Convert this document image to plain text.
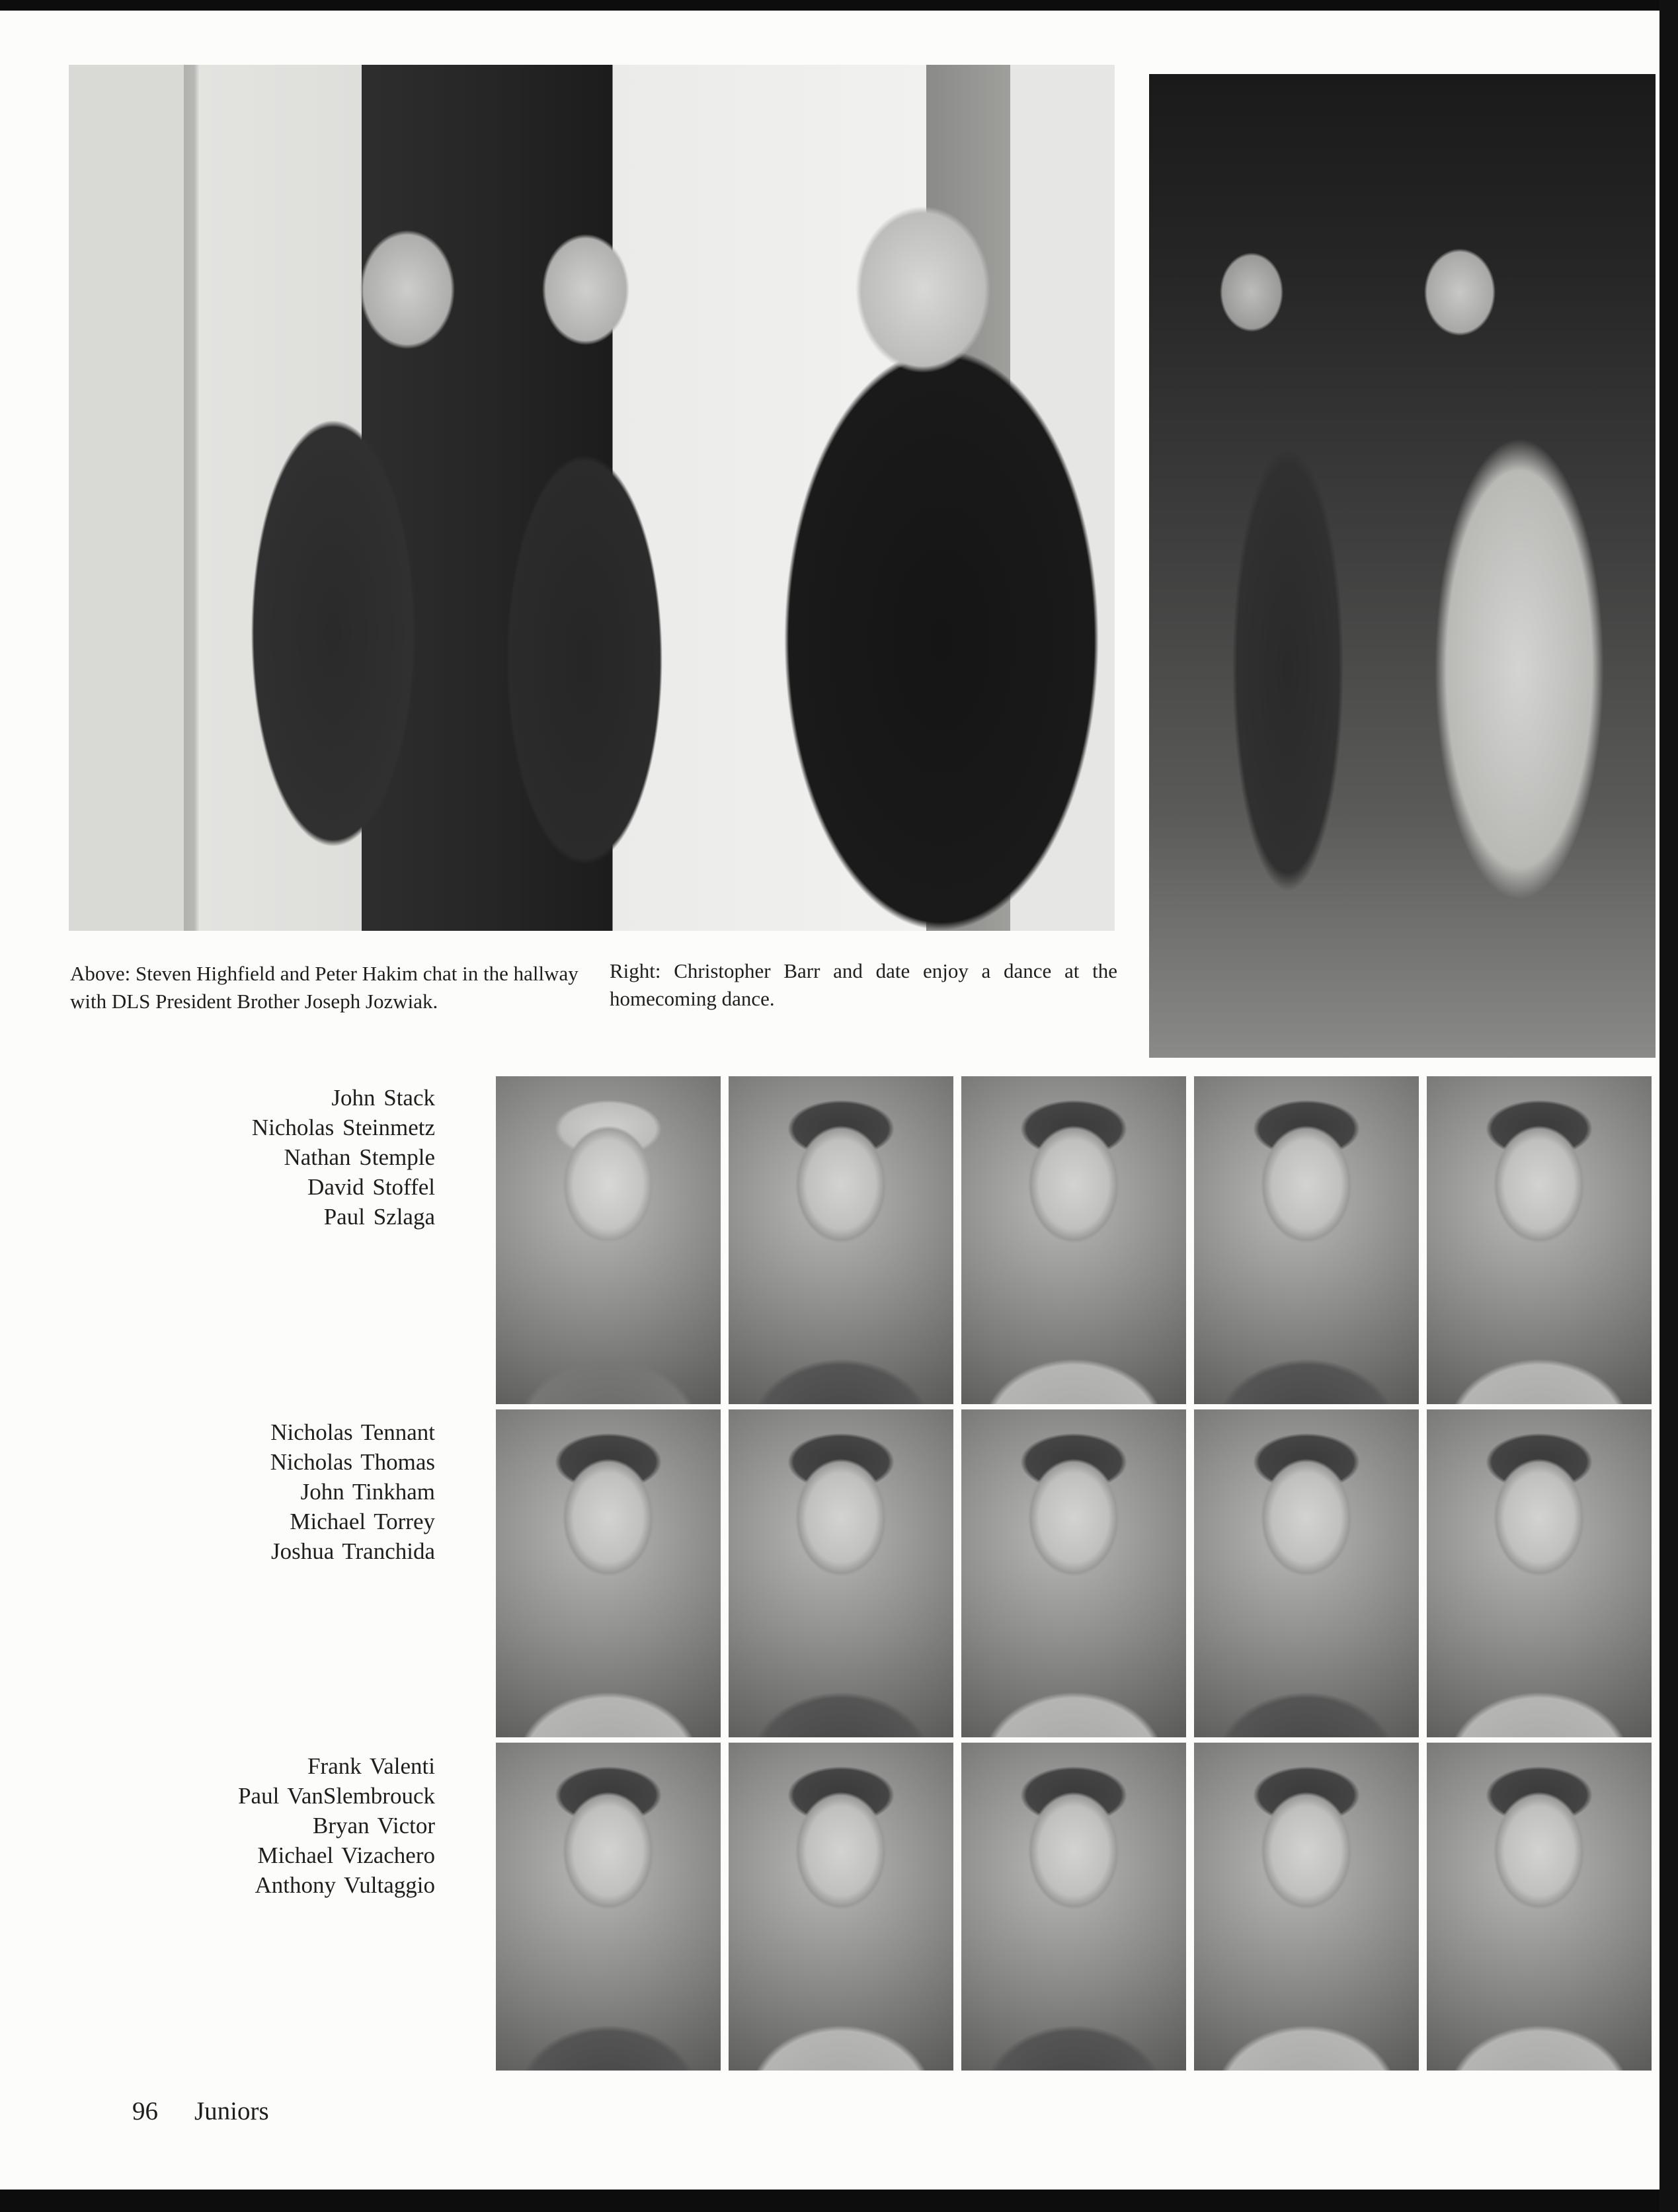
Above: Steven Highfield and Peter Hakim chat in the hallway with DLS President Brother Joseph Jozwiak.

Right: Christopher Barr and date enjoy a dance at the homecoming dance.

John Stack
Nicholas Steinmetz
Nathan Stemple
David Stoffel
Paul Szlaga
Nicholas Tennant
Nicholas Thomas
John Tinkham
Michael Torrey
Joshua Tranchida
Frank Valenti
Paul VanSlembrouck
Bryan Victor
Michael Vizachero
Anthony Vultaggio

96 Juniors
